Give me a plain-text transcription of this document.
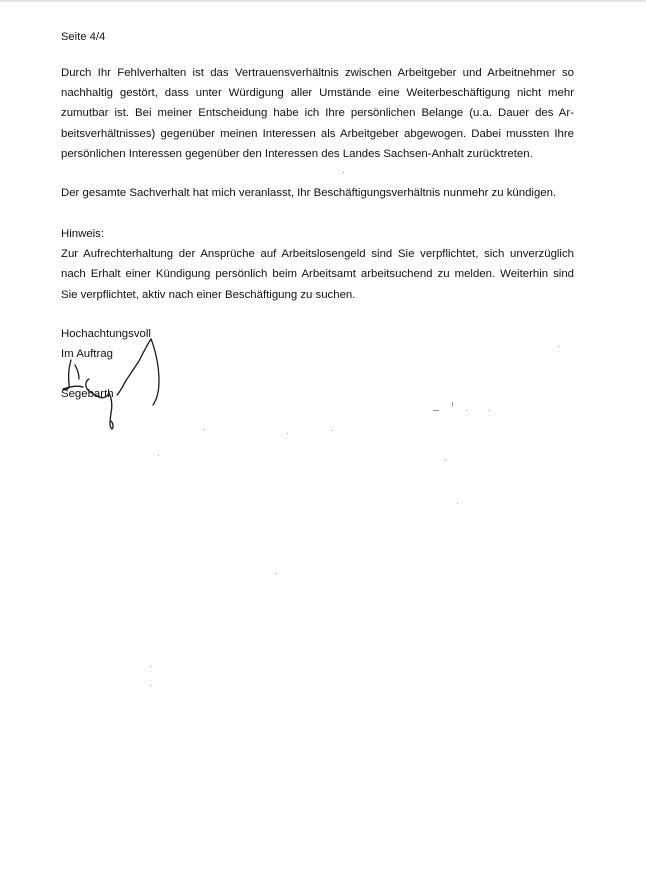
Seite 4/4
Durch Ihr Fehlverhalten ist das Vertrauensverhältnis zwischen Arbeitgeber und Arbeitnehmer so
nachhaltig gestört, dass unter Würdigung aller Umstände eine Weiterbeschäftigung nicht mehr
zumutbar ist. Bei meiner Entscheidung habe ich Ihre persönlichen Belange (u.a. Dauer des Ar-
beitsverhältnisses) gegenüber meinen Interessen als Arbeitgeber abgewogen. Dabei mussten Ihre
persönlichen Interessen gegenüber den Interessen des Landes Sachsen-Anhalt zurücktreten.
Der gesamte Sachverhalt hat mich veranlasst, Ihr Beschäftigungsverhältnis nunmehr zu kündigen.
Hinweis:
Zur Aufrechterhaltung der Ansprüche auf Arbeitslosengeld sind Sie verpflichtet, sich unverzüglich
nach Erhalt einer Kündigung persönlich beim Arbeitsamt arbeitsuchend zu melden. Weiterhin sind
Sie verpflichtet, aktiv nach einer Beschäftigung zu suchen.
Hochachtungsvoll
Im Auftrag
Segebarth
